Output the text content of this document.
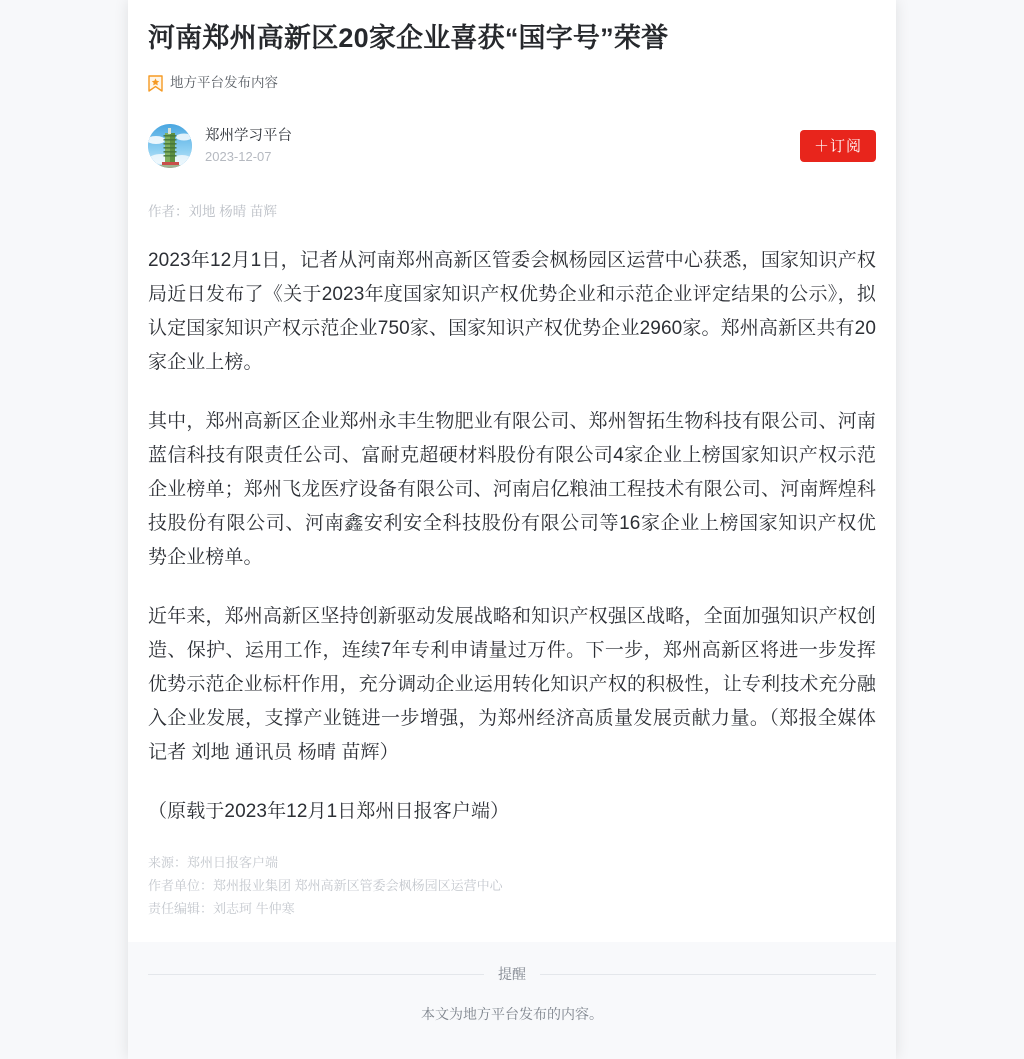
河南郑州高新区20家企业喜获“国字号”荣誉
地方平台发布内容
郑州学习平台
2023-12-07
＋订阅
作者：刘地 杨晴 苗辉

2023年12月1日，记者从河南郑州高新区管委会枫杨园区运营中心获悉，国家知识产权局近日发布了《关于2023年度国家知识产权优势企业和示范企业评定结果的公示》，拟认定国家知识产权示范企业750家、国家知识产权优势企业2960家。郑州高新区共有20家企业上榜。

其中，郑州高新区企业郑州永丰生物肥业有限公司、郑州智拓生物科技有限公司、河南蓝信科技有限责任公司、富耐克超硬材料股份有限公司4家企业上榜国家知识产权示范企业榜单；郑州飞龙医疗设备有限公司、河南启亿粮油工程技术有限公司、河南辉煌科技股份有限公司、河南鑫安利安全科技股份有限公司等16家企业上榜国家知识产权优势企业榜单。

近年来，郑州高新区坚持创新驱动发展战略和知识产权强区战略，全面加强知识产权创造、保护、运用工作，连续7年专利申请量过万件。下一步，郑州高新区将进一步发挥优势示范企业标杆作用，充分调动企业运用转化知识产权的积极性，让专利技术充分融入企业发展，支撑产业链进一步增强，为郑州经济高质量发展贡献力量。（郑报全媒体记者 刘地 通讯员 杨晴 苗辉）

（原载于2023年12月1日郑州日报客户端）

来源：郑州日报客户端
作者单位：郑州报业集团 郑州高新区管委会枫杨园区运营中心
责任编辑：刘志珂 牛仲寒
提醒
本文为地方平台发布的内容。
